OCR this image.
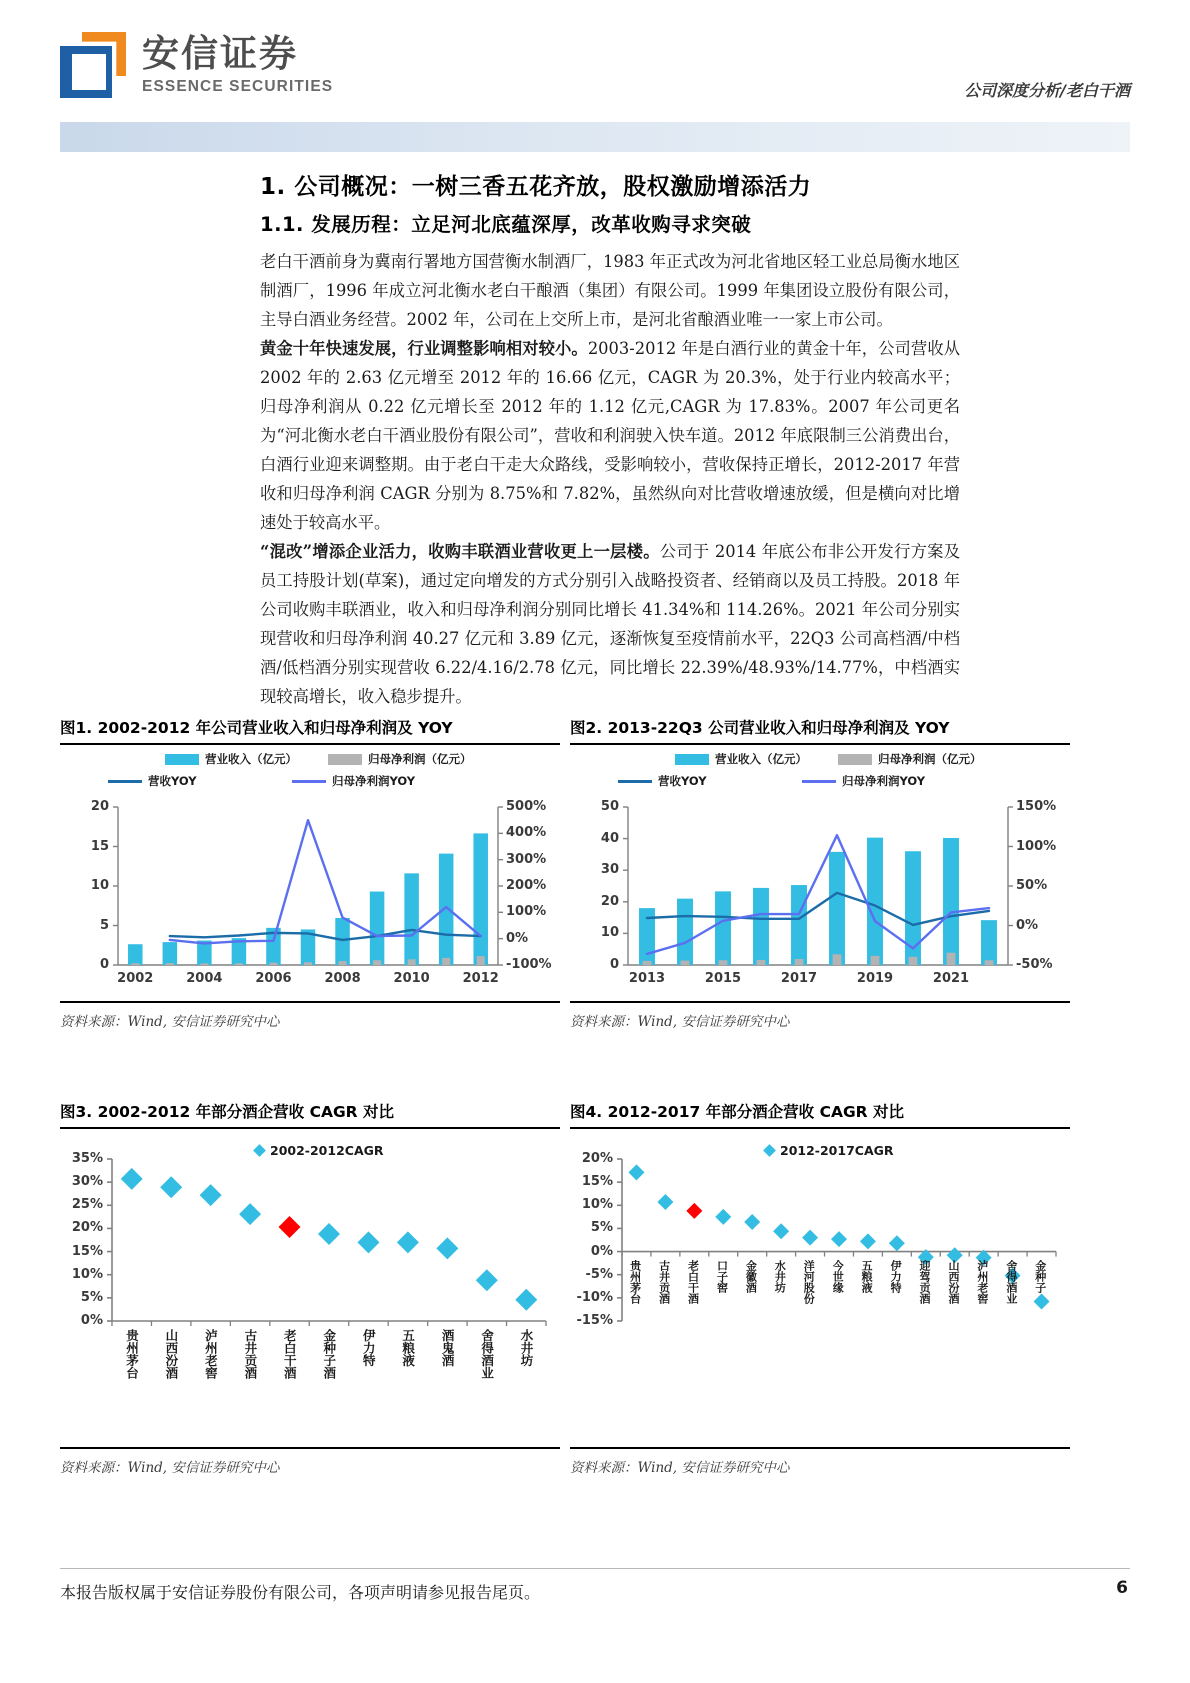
安信证券
ESSENCE SECURITIES	公司深度分析/老白干酒
1. 公司概况：一树三香五花齐放，股权激励增添活力
1.1. 发展历程：立足河北底蕴深厚，改革收购寻求突破

老白干酒前身为冀南行署地方国营衡水制酒厂，1983 年正式改为河北省地区轻工业总局衡水地区制酒厂，1996 年成立河北衡水老白干酿酒（集团）有限公司。1999 年集团设立股份有限公司，主导白酒业务经营。2002 年，公司在上交所上市，是河北省酿酒业唯一一家上市公司。

黄金十年快速发展，行业调整影响相对较小。2003-2012 年是白酒行业的黄金十年，公司营收从 2002 年的 2.63 亿元增至 2012 年的 16.66 亿元，CAGR 为 20.3%，处于行业内较高水平；归母净利润从 0.22 亿元增长至 2012 年的 1.12 亿元,CAGR 为 17.83%。2007 年公司更名为“河北衡水老白干酒业股份有限公司”，营收和利润驶入快车道。2012 年底限制三公消费出台，白酒行业迎来调整期。由于老白干走大众路线，受影响较小，营收保持正增长，2012-2017 年营收和归母净利润 CAGR 分别为 8.75%和 7.82%，虽然纵向对比营收增速放缓，但是横向对比增速处于较高水平。

“混改”增添企业活力，收购丰联酒业营收更上一层楼。公司于 2014 年底公布非公开发行方案及员工持股计划(草案)，通过定向增发的方式分别引入战略投资者、经销商以及员工持股。2018 年公司收购丰联酒业，收入和归母净利润分别同比增长 41.34%和 114.26%。2021 年公司分别实现营收和归母净利润 40.27 亿元和 3.89 亿元，逐渐恢复至疫情前水平，22Q3 公司高档酒/中档酒/低档酒分别实现营收 6.22/4.16/2.78 亿元，同比增长 22.39%/48.93%/14.77%，中档酒实现较高增长，收入稳步提升。

图1. 2002-2012 年公司营业收入和归母净利润及 YOY
营业收入（亿元）	归母净利润（亿元）
营收YOY	归母净利润YOY
0
5
10
15
20
-100%
0%
100%
200%
300%
400%
500%
2002	2004	2006	2008	2010	2012
资料来源：Wind, 安信证券研究中心
图2. 2013-22Q3 公司营业收入和归母净利润及 YOY
营业收入（亿元）	归母净利润（亿元）
营收YOY	归母净利润YOY
0
10
20
30
40
50
-50%
0%
50%
100%
150%
2013	2015	2017	2019	2021
资料来源：Wind, 安信证券研究中心
图3. 2002-2012 年部分酒企营收 CAGR 对比
2002-2012CAGR
0%
5%
10%
15%
20%
25%
30%
35%
贵州茅台 山西汾酒 泸州老窖 古井贡酒 老白干酒 金种子酒 伊力特 五粮液 酒鬼酒 舍得酒业 水井坊
资料来源：Wind, 安信证券研究中心
图4. 2012-2017 年部分酒企营收 CAGR 对比
2012-2017CAGR
-15%
-10%
-5%
0%
5%
10%
15%
20%
贵州茅台 古井贡酒 老白干酒 口子窖 金徽酒 水井坊 洋河股份 今世缘 五粮液 伊力特 迎驾贡酒 山西汾酒 泸州老窖 舍得酒业 金种子
资料来源：Wind, 安信证券研究中心
本报告版权属于安信证券股份有限公司，各项声明请参见报告尾页。	6
